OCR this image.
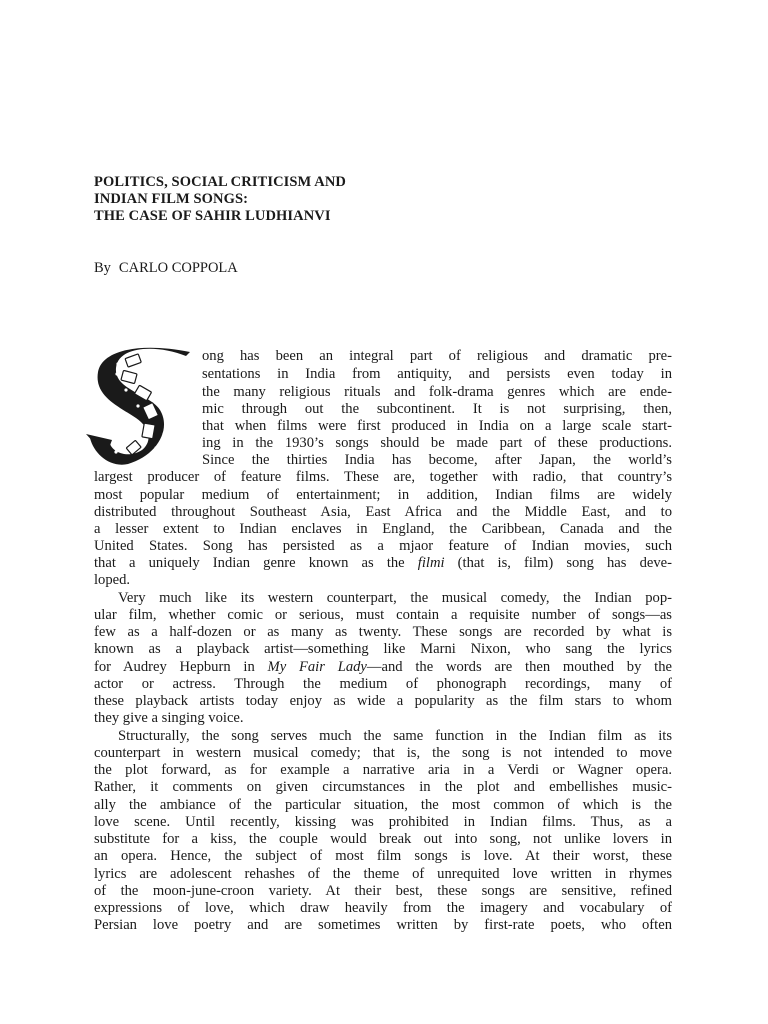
POLITICS, SOCIAL CRITICISM AND
INDIAN FILM SONGS:
THE CASE OF SAHIR LUDHIANVI
By CARLO COPPOLA
ong has been an integral part of religious and dramatic pre-
sentations in India from antiquity, and persists even today in
the many religious rituals and folk-drama genres which are ende-
mic through out the subcontinent. It is not surprising, then,
that when films were first produced in India on a large scale start-
ing in the 1930’s songs should be made part of these productions.
Since the thirties India has become, after Japan, the world’s
largest producer of feature films. These are, together with radio, that country’s
most popular medium of entertainment; in addition, Indian films are widely
distributed throughout Southeast Asia, East Africa and the Middle East, and to
a lesser extent to Indian enclaves in England, the Caribbean, Canada and the
United States. Song has persisted as a mjaor feature of Indian movies, such
that a uniquely Indian genre known as the filmi (that is, film) song has deve-
loped.
Very much like its western counterpart, the musical comedy, the Indian pop-
ular film, whether comic or serious, must contain a requisite number of songs—as
few as a half-dozen or as many as twenty. These songs are recorded by what is
known as a playback artist—something like Marni Nixon, who sang the lyrics
for Audrey Hepburn in My Fair Lady—and the words are then mouthed by the
actor or actress. Through the medium of phonograph recordings, many of
these playback artists today enjoy as wide a popularity as the film stars to whom
they give a singing voice.
Structurally, the song serves much the same function in the Indian film as its
counterpart in western musical comedy; that is, the song is not intended to move
the plot forward, as for example a narrative aria in a Verdi or Wagner opera.
Rather, it comments on given circumstances in the plot and embellishes music-
ally the ambiance of the particular situation, the most common of which is the
love scene. Until recently, kissing was prohibited in Indian films. Thus, as a
substitute for a kiss, the couple would break out into song, not unlike lovers in
an opera. Hence, the subject of most film songs is love. At their worst, these
lyrics are adolescent rehashes of the theme of unrequited love written in rhymes
of the moon-june-croon variety. At their best, these songs are sensitive, refined
expressions of love, which draw heavily from the imagery and vocabulary of
Persian love poetry and are sometimes written by first-rate poets, who often
